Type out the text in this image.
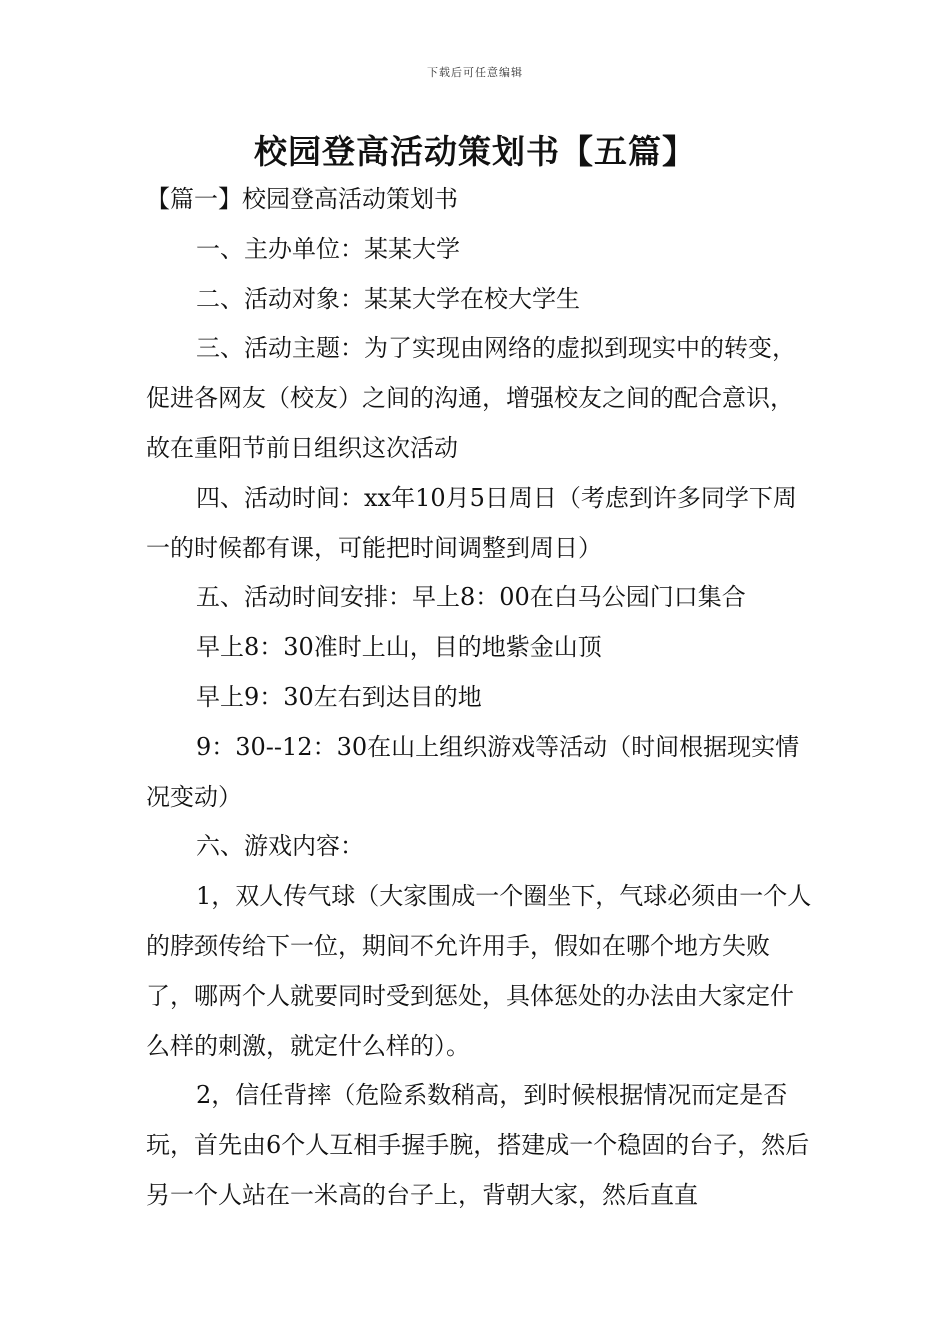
下载后可任意编辑
校园登高活动策划书【五篇】

【篇一】校园登高活动策划书

一、主办单位：某某大学

二、活动对象：某某大学在校大学生

三、活动主题：为了实现由网络的虚拟到现实中的转变，促进各网友（校友）之间的沟通，增强校友之间的配合意识，故在重阳节前日组织这次活动

四、活动时间：xx年10月5日周日（考虑到许多同学下周一的时候都有课，可能把时间调整到周日）

五、活动时间安排：早上8：00在白马公园门口集合

早上8：30准时上山，目的地紫金山顶

早上9：30左右到达目的地

9：30--12：30在山上组织游戏等活动（时间根据现实情况变动）

六、游戏内容：

1，双人传气球（大家围成一个圈坐下，气球必须由一个人的脖颈传给下一位，期间不允许用手，假如在哪个地方失败了，哪两个人就要同时受到惩处，具体惩处的办法由大家定什么样的刺激，就定什么样的）。

2，信任背摔（危险系数稍高，到时候根据情况而定是否玩，首先由6个人互相手握手腕，搭建成一个稳固的台子，然后另一个人站在一米高的台子上，背朝大家，然后直直
